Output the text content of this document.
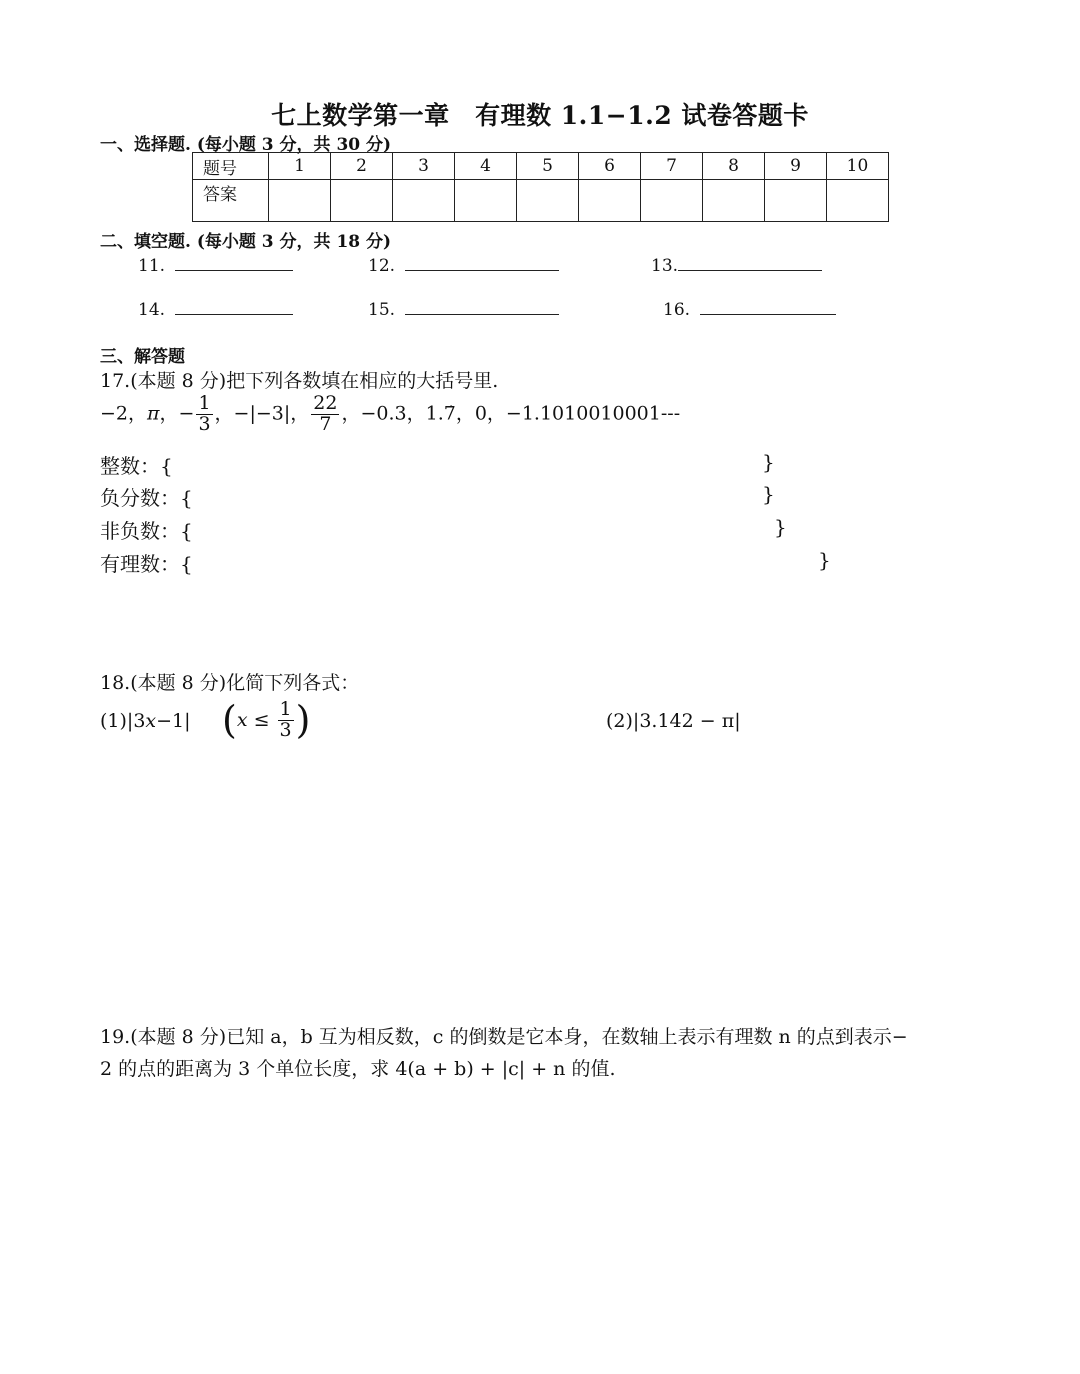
七上数学第一章　有理数 1.1−1.2 试卷答题卡
一、选择题. (每小题 3 分，共 30 分)
题号	1	2	3	4	5	6	7	8	9	10
答案										
二、填空题. (每小题 3 分，共 18 分)
11.	12.	13.
14.	15.	16.
三、解答题
17.(本题 8 分)把下列各数填在相应的大括号里.
−2，π，− $\frac{1}{3}$ ，−|−3|， $\frac{22}{7}$ ，−0.3，1.7̇，0，−1.1010010001---
整数：{	}
负分数：{	}
非负数：{	}
有理数：{	}
18.(本题 8 分)化简下列各式：
(1)|3x−1| ($x \le \frac{1}{3}$ )	(2)|3.142 − π|
19.(本题 8 分)已知 a，b 互为相反数，c 的倒数是它本身，在数轴上表示有理数 n 的点到表示−
2 的点的距离为 3 个单位长度，求 4(a + b) + |c| + n 的值.
